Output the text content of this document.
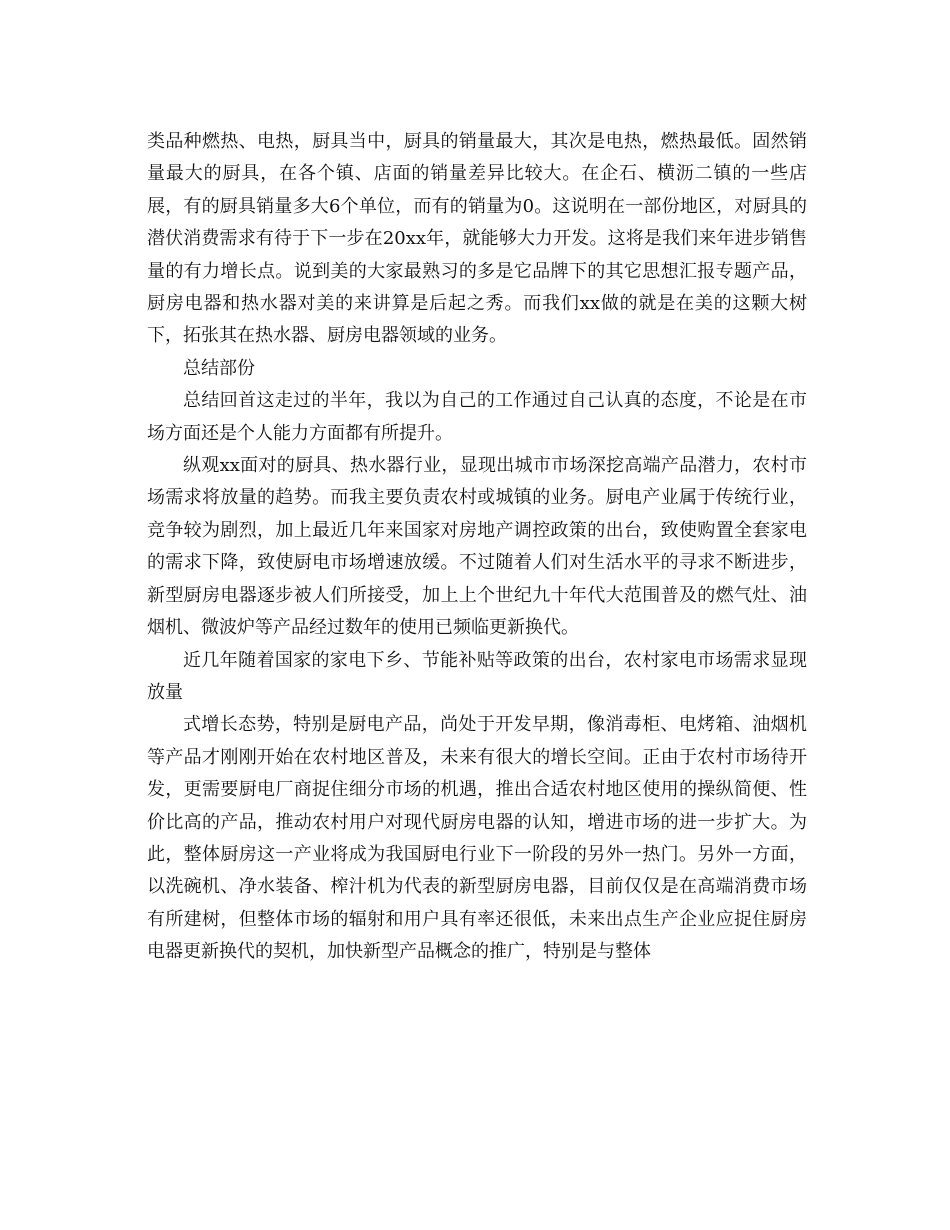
类品种燃热、电热，厨具当中，厨具的销量最大，其次是电热，燃热最低。固然销量最大的厨具，在各个镇、店面的销量差异比较大。在企石、横沥二镇的一些店展，有的厨具销量多大6个单位，而有的销量为0。这说明在一部份地区，对厨具的潜伏消费需求有待于下一步在20xx年，就能够大力开发。这将是我们来年进步销售量的有力增长点。说到美的大家最熟习的多是它品牌下的其它思想汇报专题产品，厨房电器和热水器对美的来讲算是后起之秀。而我们xx做的就是在美的这颗大树下，拓张其在热水器、厨房电器领域的业务。

总结部份

总结回首这走过的半年，我以为自己的工作通过自己认真的态度，不论是在市场方面还是个人能力方面都有所提升。

纵观xx面对的厨具、热水器行业，显现出城市市场深挖高端产品潜力，农村市场需求将放量的趋势。而我主要负责农村或城镇的业务。厨电产业属于传统行业，竞争较为剧烈，加上最近几年来国家对房地产调控政策的出台，致使购置全套家电的需求下降，致使厨电市场增速放缓。不过随着人们对生活水平的寻求不断进步，新型厨房电器逐步被人们所接受，加上上个世纪九十年代大范围普及的燃气灶、油烟机、微波炉等产品经过数年的使用已频临更新换代。

近几年随着国家的家电下乡、节能补贴等政策的出台，农村家电市场需求显现放量

式增长态势，特别是厨电产品，尚处于开发早期，像消毒柜、电烤箱、油烟机等产品才刚刚开始在农村地区普及，未来有很大的增长空间。正由于农村市场待开发，更需要厨电厂商捉住细分市场的机遇，推出合适农村地区使用的操纵简便、性价比高的产品，推动农村用户对现代厨房电器的认知，增进市场的进一步扩大。为此，整体厨房这一产业将成为我国厨电行业下一阶段的另外一热门。另外一方面，以洗碗机、净水装备、榨汁机为代表的新型厨房电器，目前仅仅是在高端消费市场有所建树，但整体市场的辐射和用户具有率还很低，未来出点生产企业应捉住厨房电器更新换代的契机，加快新型产品概念的推广，特别是与整体
